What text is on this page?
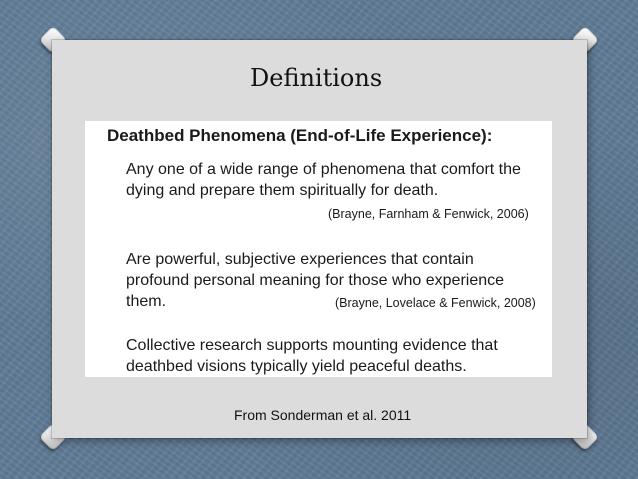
Definitions
Deathbed Phenomena (End-of-Life Experience):
Any one of a wide range of phenomena that comfort the
dying and prepare them spiritually for death.
(Brayne, Farnham & Fenwick, 2006)
Are powerful, subjective experiences that contain
profound personal meaning for those who experience
them.	(Brayne, Lovelace & Fenwick, 2008)
Collective research supports mounting evidence that
deathbed visions typically yield peaceful deaths.
From Sonderman et al. 2011
